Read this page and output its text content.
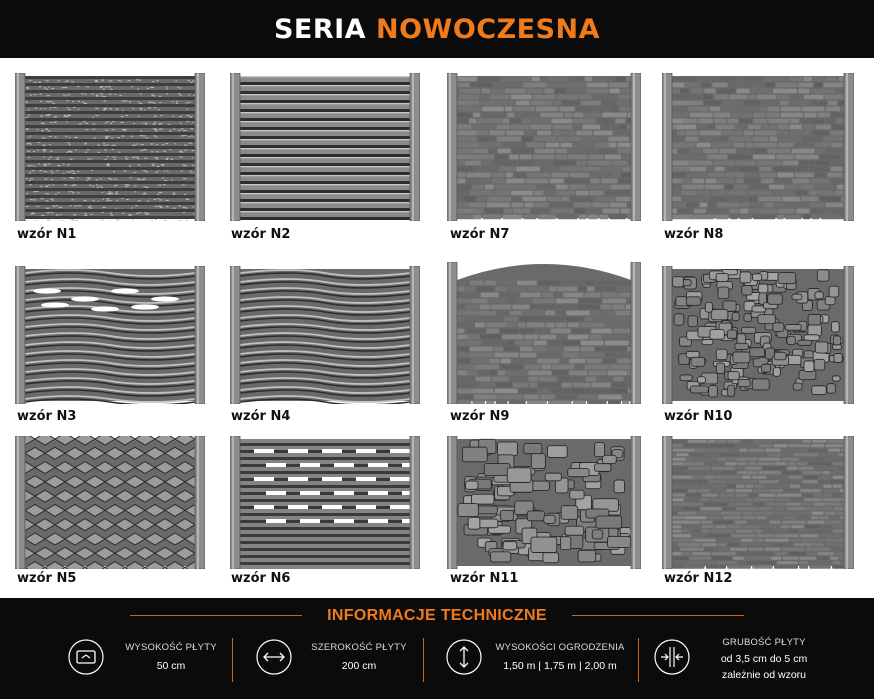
SERIA NOWOCZESNA
wzór N1	wzór N2	wzór N7	wzór N8
wzór N3	wzór N4	wzór N9	wzór N10
wzór N5	wzór N6	wzór N11	wzór N12
INFORMACJE TECHNICZNE
WYSOKOŚĆ PŁYTY
50 cm
SZEROKOŚĆ PŁYTY
200 cm
WYSOKOŚCI OGRODZENIA
1,50 m | 1,75 m | 2,00 m
GRUBOŚĆ PŁYTY
od 3,5 cm do 5 cm
zależnie od wzoru
